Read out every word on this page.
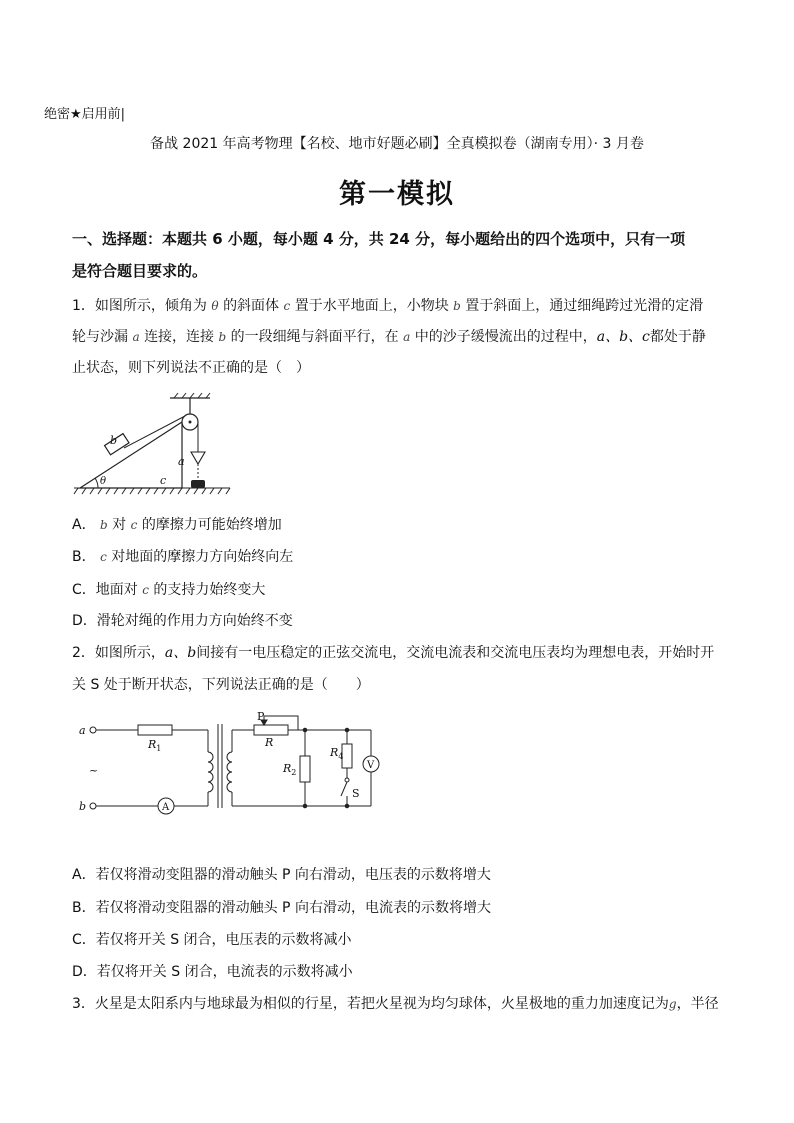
绝密★启用前|
备战 2021 年高考物理【名校、地市好题必刷】全真模拟卷（湖南专用）· 3 月卷
第一模拟
一、选择题：本题共 6 小题，每小题 4 分，共 24 分，每小题给出的四个选项中，只有一项
是符合题目要求的。
1．如图所示，倾角为 θ 的斜面体 c 置于水平地面上，小物块 b 置于斜面上，通过细绳跨过光滑的定滑
轮与沙漏 a 连接，连接 b 的一段细绳与斜面平行，在 a 中的沙子缓慢流出的过程中，a、b、c都处于静
止状态，则下列说法不正确的是（　）
b
a
θ	c
A． b 对 c 的摩擦力可能始终增加
B． c 对地面的摩擦力方向始终向左
C．地面对 c 的支持力始终变大
D．滑轮对绳的作用力方向始终不变
2．如图所示，a、b间接有一电压稳定的正弦交流电，交流电流表和交流电压表均为理想电表，开始时开
关 S 处于断开状态，下列说法正确的是（　　）
a
b
$R_1$	R
$R_2$
$R_4$
~
P
S
V
A
A．若仅将滑动变阻器的滑动触头 P 向右滑动，电压表的示数将增大
B．若仅将滑动变阻器的滑动触头 P 向右滑动，电流表的示数将增大
C．若仅将开关 S 闭合，电压表的示数将减小
D．若仅将开关 S 闭合，电流表的示数将减小
3．火星是太阳系内与地球最为相似的行星，若把火星视为均匀球体，火星极地的重力加速度记为g，半径
